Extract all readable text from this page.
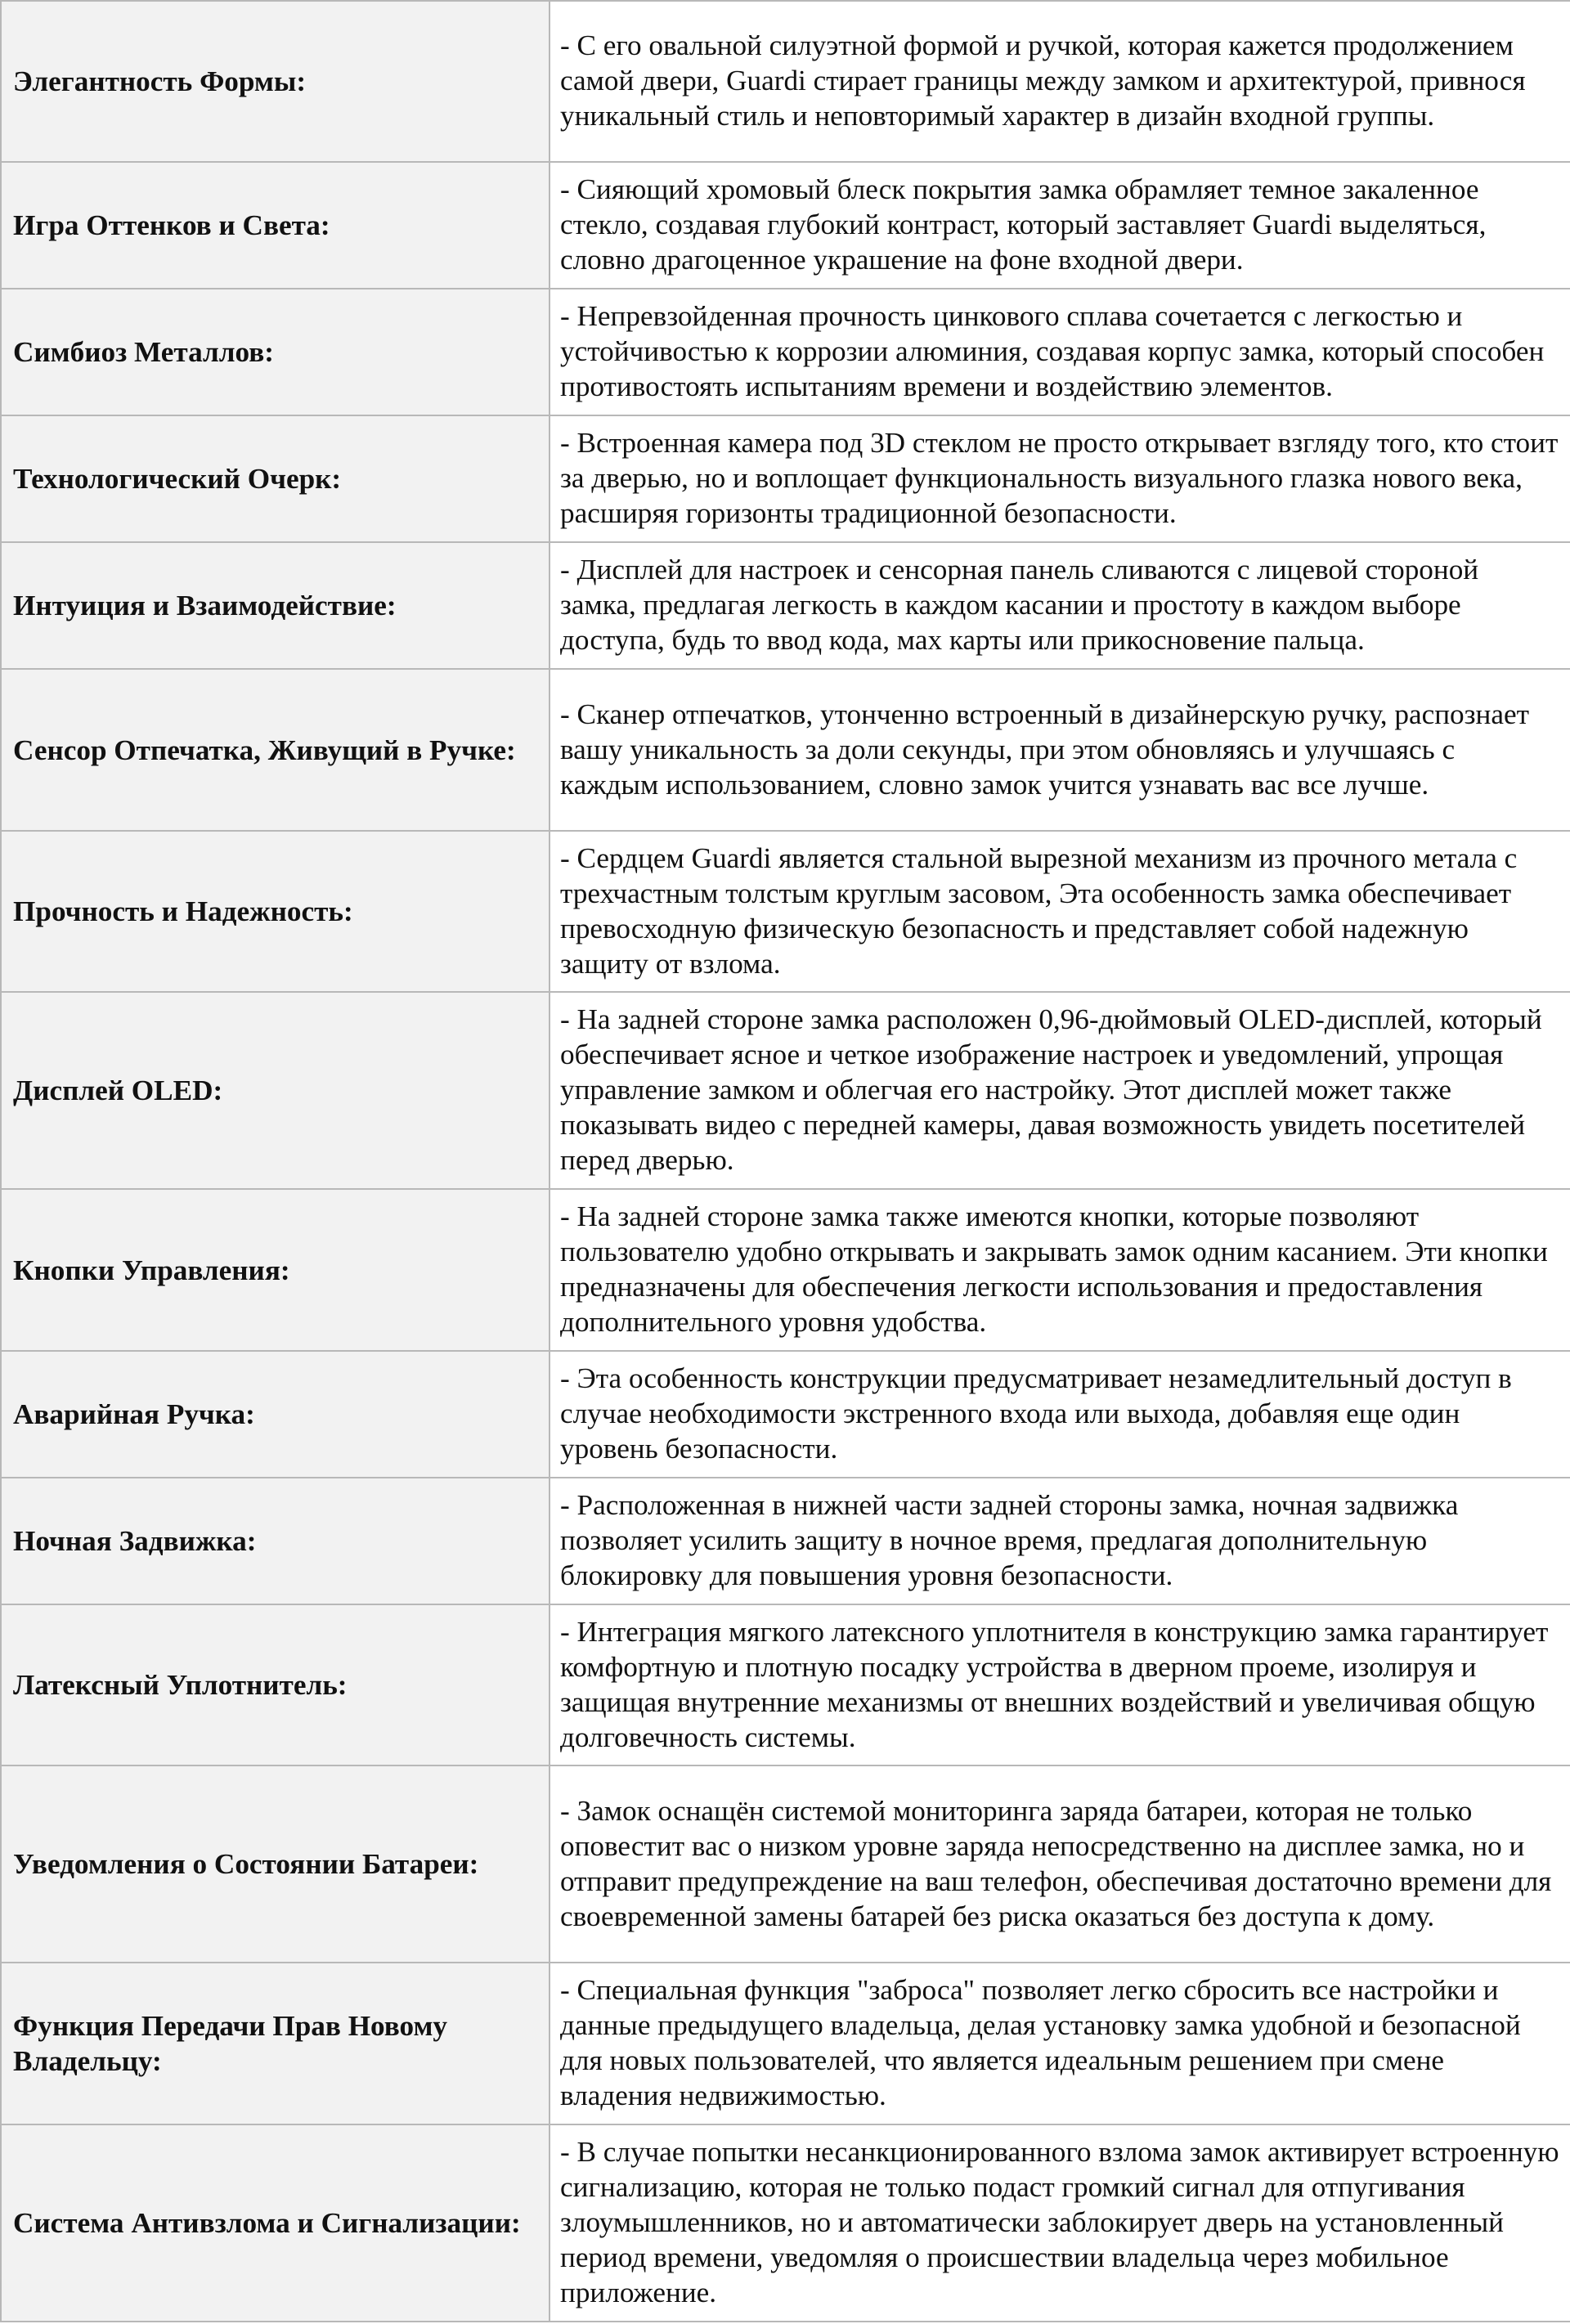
Элегантность Формы:	- С его овальной силуэтной формой и ручкой, которая кажется продолжением самой двери, Guardi стирает границы между замком и архитектурой, привнося уникальный стиль и неповторимый характер в дизайн входной группы.
Игра Оттенков и Света:	- Сияющий хромовый блеск покрытия замка обрамляет темное закаленное стекло, создавая глубокий контраст, который заставляет Guardi выделяться, словно драгоценное украшение на фоне входной двери.
Симбиоз Металлов:	- Непревзойденная прочность цинкового сплава сочетается с легкостью и устойчивостью к коррозии алюминия, создавая корпус замка, который способен противостоять испытаниям времени и воздействию элементов.
Технологический Очерк:	- Встроенная камера под 3D стеклом не просто открывает взгляду того, кто стоит за дверью, но и воплощает функциональность визуального глазка нового века, расширяя горизонты традиционной безопасности.
Интуиция и Взаимодействие:	- Дисплей для настроек и сенсорная панель сливаются с лицевой стороной замка, предлагая легкость в каждом касании и простоту в каждом выборе доступа, будь то ввод кода, мах карты или прикосновение пальца.
Сенсор Отпечатка, Живущий в Ручке:	- Сканер отпечатков, утонченно встроенный в дизайнерскую ручку, распознает вашу уникальность за доли секунды, при этом обновляясь и улучшаясь с каждым использованием, словно замок учится узнавать вас все лучше.
Прочность и Надежность:	- Сердцем Guardi является стальной вырезной механизм из прочного метала с трехчастным толстым круглым засовом, Эта особенность замка обеспечивает превосходную физическую безопасность и представляет собой надежную защиту от взлома.
Дисплей OLED:	- На задней стороне замка расположен 0,96-дюймовый OLED-дисплей, который обеспечивает ясное и четкое изображение настроек и уведомлений, упрощая управление замком и облегчая его настройку. Этот дисплей может также показывать видео с передней камеры, давая возможность увидеть посетителей перед дверью.
Кнопки Управления:	- На задней стороне замка также имеются кнопки, которые позволяют пользователю удобно открывать и закрывать замок одним касанием. Эти кнопки предназначены для обеспечения легкости использования и предоставления дополнительного уровня удобства.
Аварийная Ручка:	- Эта особенность конструкции предусматривает незамедлительный доступ в случае необходимости экстренного входа или выхода, добавляя еще один уровень безопасности.
Ночная Задвижка:	- Расположенная в нижней части задней стороны замка, ночная задвижка позволяет усилить защиту в ночное время, предлагая дополнительную блокировку для повышения уровня безопасности.
Латексный Уплотнитель:	- Интеграция мягкого латексного уплотнителя в конструкцию замка гарантирует комфортную и плотную посадку устройства в дверном проеме, изолируя и защищая внутренние механизмы от внешних воздействий и увеличивая общую долговечность системы.
Уведомления о Состоянии Батареи:	- Замок оснащён системой мониторинга заряда батареи, которая не только оповестит вас о низком уровне заряда непосредственно на дисплее замка, но и отправит предупреждение на ваш телефон, обеспечивая достаточно времени для своевременной замены батарей без риска оказаться без доступа к дому.
Функция Передачи Прав Новому Владельцу:	- Специальная функция "заброса" позволяет легко сбросить все настройки и данные предыдущего владельца, делая установку замка удобной и безопасной для новых пользователей, что является идеальным решением при смене владения недвижимостью.
Система Антивзлома и Сигнализации:	- В случае попытки несанкционированного взлома замок активирует встроенную сигнализацию, которая не только подаст громкий сигнал для отпугивания злоумышленников, но и автоматически заблокирует дверь на установленный период времени, уведомляя о происшествии владельца через мобильное приложение.
